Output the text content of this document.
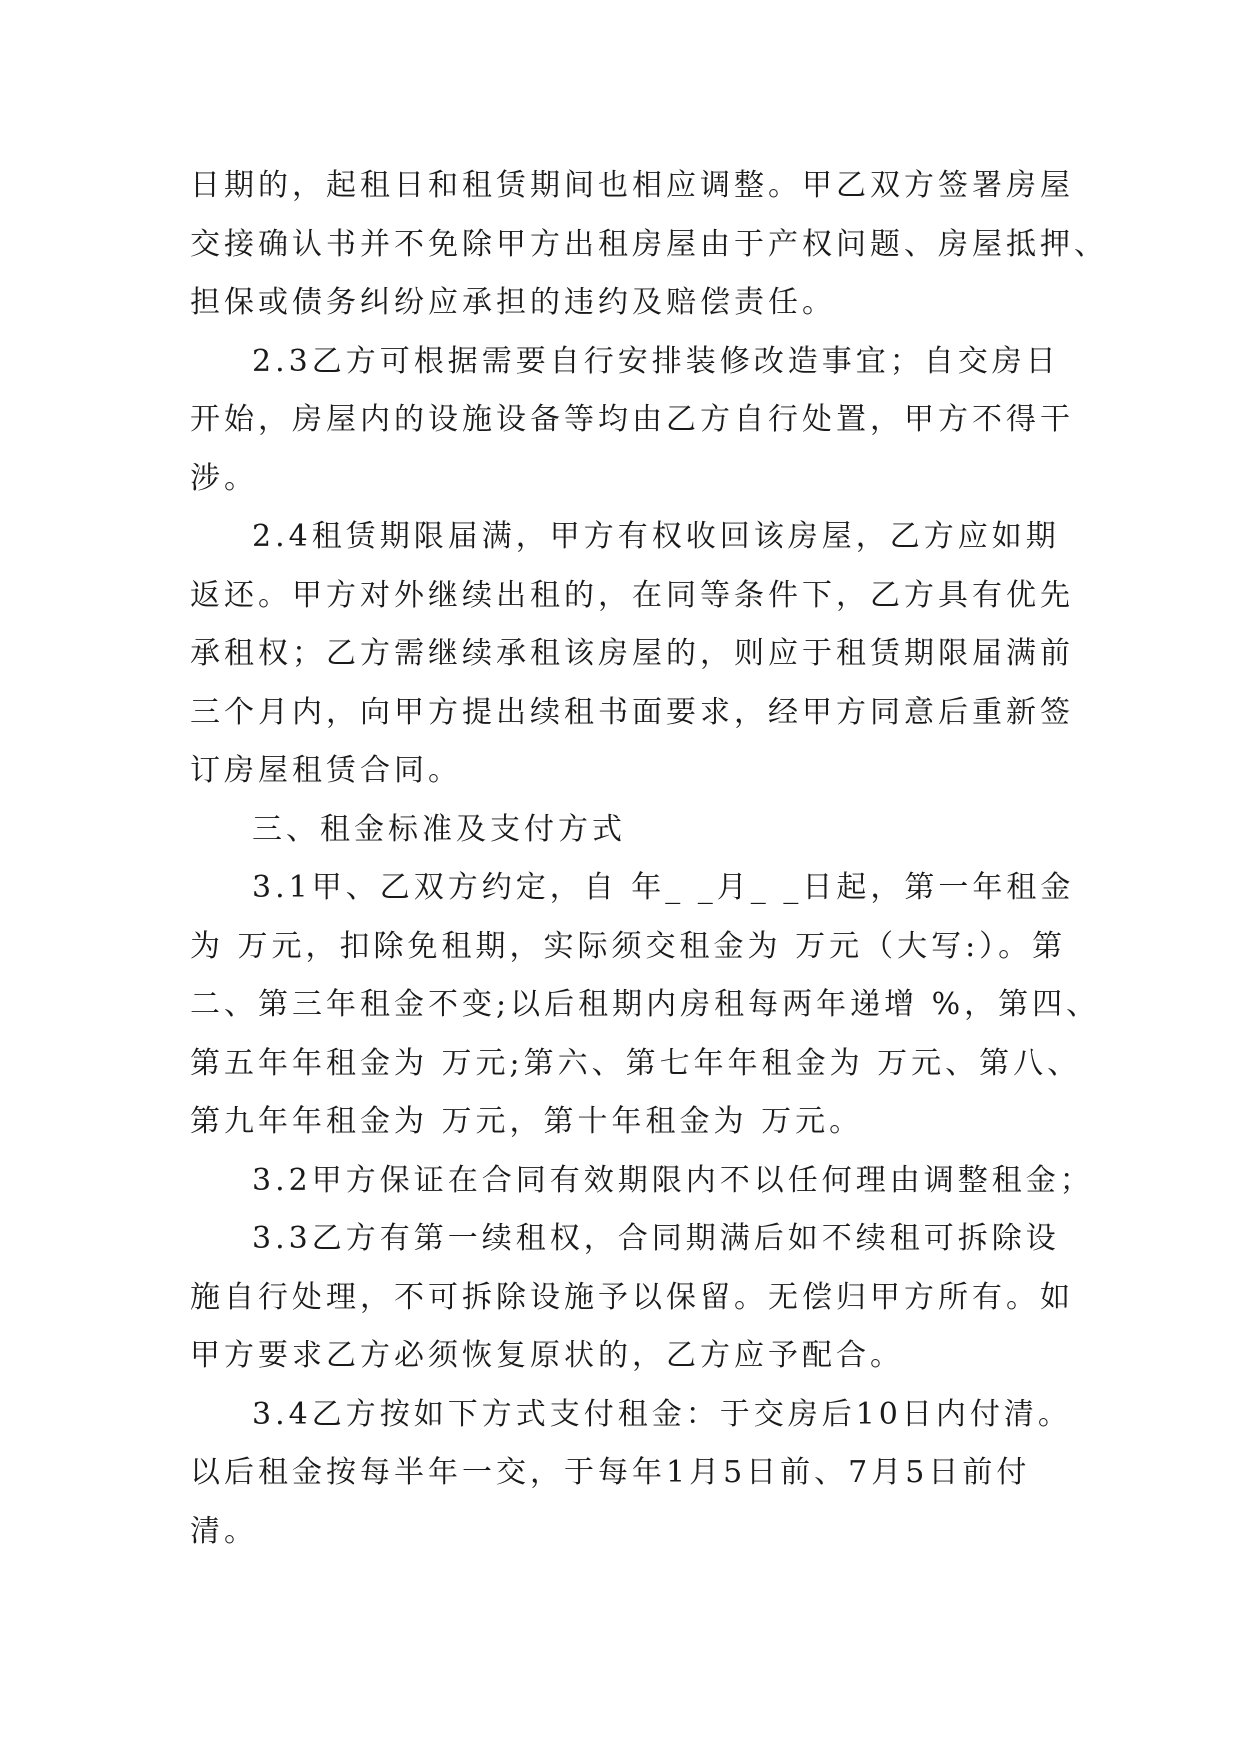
日期的，起租日和租赁期间也相应调整。甲乙双方签署房屋
交接确认书并不免除甲方出租房屋由于产权问题、房屋抵押、
担保或债务纠纷应承担的违约及赔偿责任。
2.3乙方可根据需要自行安排装修改造事宜；自交房日
开始，房屋内的设施设备等均由乙方自行处置，甲方不得干
涉。
2.4租赁期限届满，甲方有权收回该房屋，乙方应如期
返还。甲方对外继续出租的，在同等条件下，乙方具有优先
承租权；乙方需继续承租该房屋的，则应于租赁期限届满前
三个月内，向甲方提出续租书面要求，经甲方同意后重新签
订房屋租赁合同。
三、租金标准及支付方式
3.1甲、乙双方约定，自 年_ _月_ _日起，第一年租金
为 万元，扣除免租期，实际须交租金为 万元（大写:）。第
二、第三年租金不变;以后租期内房租每两年递增 %，第四、
第五年年租金为 万元;第六、第七年年租金为 万元、第八、
第九年年租金为 万元，第十年租金为 万元。
3.2甲方保证在合同有效期限内不以任何理由调整租金；
3.3乙方有第一续租权，合同期满后如不续租可拆除设
施自行处理，不可拆除设施予以保留。无偿归甲方所有。如
甲方要求乙方必须恢复原状的，乙方应予配合。
3.4乙方按如下方式支付租金：于交房后10日内付清。
以后租金按每半年一交，于每年1月5日前、7月5日前付
清。
